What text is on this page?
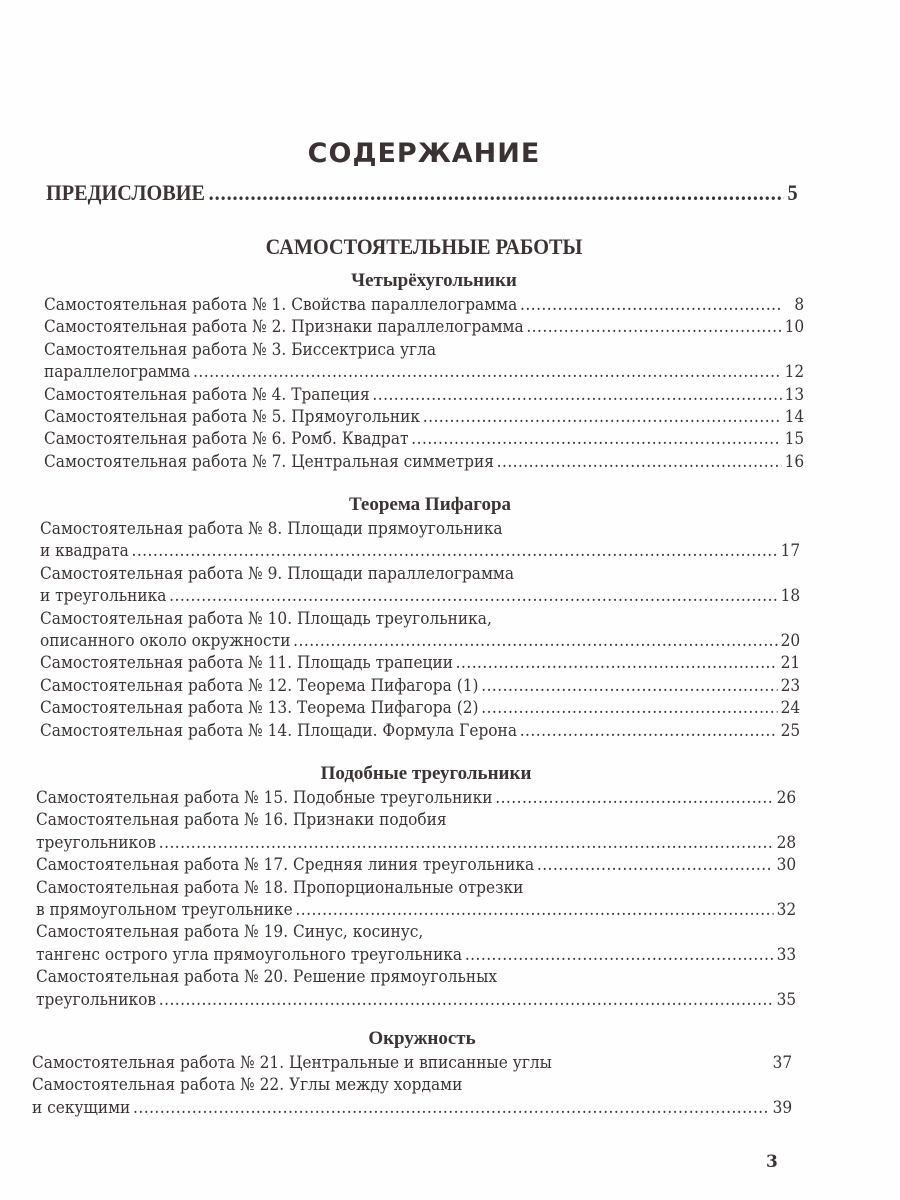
СОДЕРЖАНИЕ
ПРЕДИСЛОВИЕ .....	5
САМОСТОЯТЕЛЬНЫЕ РАБОТЫ
Четырёхугольники
Самостоятельная работа № 1. Свойства параллелограмма .....	8
Самостоятельная работа № 2. Признаки параллелограмма .....	10
Самостоятельная работа № 3. Биссектриса угла
параллелограмма .....	12
Самостоятельная работа № 4. Трапеция .....	13
Самостоятельная работа № 5. Прямоугольник .....	14
Самостоятельная работа № 6. Ромб. Квадрат .....	15
Самостоятельная работа № 7. Центральная симметрия .....	16
Теорема Пифагора
Самостоятельная работа № 8. Площади прямоугольника
и квадрата .....	17
Самостоятельная работа № 9. Площади параллелограмма
и треугольника .....	18
Самостоятельная работа № 10. Площадь треугольника,
описанного около окружности .....	20
Самостоятельная работа № 11. Площадь трапеции .....	21
Самостоятельная работа № 12. Теорема Пифагора (1) .....	23
Самостоятельная работа № 13. Теорема Пифагора (2) .....	24
Самостоятельная работа № 14. Площади. Формула Герона .....	25
Подобные треугольники
Самостоятельная работа № 15. Подобные треугольники .....	26
Самостоятельная работа № 16. Признаки подобия
треугольников .....	28
Самостоятельная работа № 17. Средняя линия треугольника .....	30
Самостоятельная работа № 18. Пропорциональные отрезки
в прямоугольном треугольнике .....	32
Самостоятельная работа № 19. Синус, косинус,
тангенс острого угла прямоугольного треугольника .....	33
Самостоятельная работа № 20. Решение прямоугольных
треугольников .....	35
Окружность
Самостоятельная работа № 21. Центральные и вписанные углы	37
Самостоятельная работа № 22. Углы между хордами
и секущими .....	39
3
